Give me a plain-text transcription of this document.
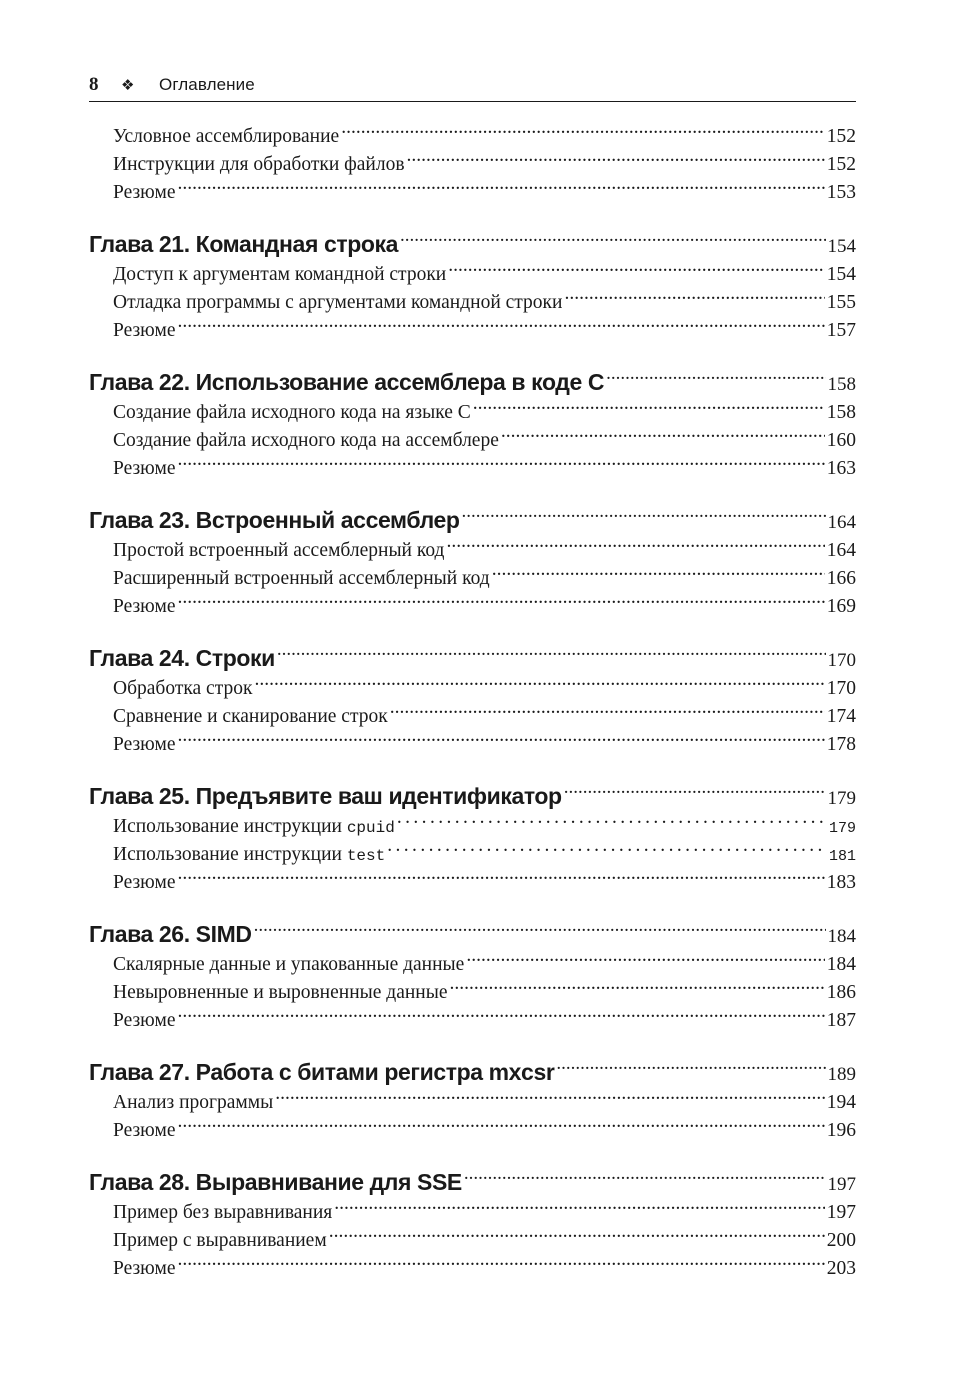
8	❖	Оглавление
Условное ассемблирование .....	152
Инструкции для обработки файлов .....	152
Резюме .....	153
Глава 21. Командная строка .....	154
Доступ к аргументам командной строки .....	154
Отладка программы с аргументами командной строки .....	155
Резюме .....	157
Глава 22. Использование ассемблера в коде C .....	158
Создание файла исходного кода на языке C .....	158
Создание файла исходного кода на ассемблере .....	160
Резюме .....	163
Глава 23. Встроенный ассемблер .....	164
Простой встроенный ассемблерный код .....	164
Расширенный встроенный ассемблерный код .....	166
Резюме .....	169
Глава 24. Строки .....	170
Обработка строк .....	170
Сравнение и сканирование строк .....	174
Резюме .....	178
Глава 25. Предъявите ваш идентификатор .....	179
Использование инструкции cpuid .....	179
Использование инструкции test .....	181
Резюме .....	183
Глава 26. SIMD .....	184
Скалярные данные и упакованные данные .....	184
Невыровненные и выровненные данные .....	186
Резюме .....	187
Глава 27. Работа с битами регистра mxcsr .....	189
Анализ программы .....	194
Резюме .....	196
Глава 28. Выравнивание для SSE .....	197
Пример без выравнивания .....	197
Пример с выравниванием .....	200
Резюме .....	203
